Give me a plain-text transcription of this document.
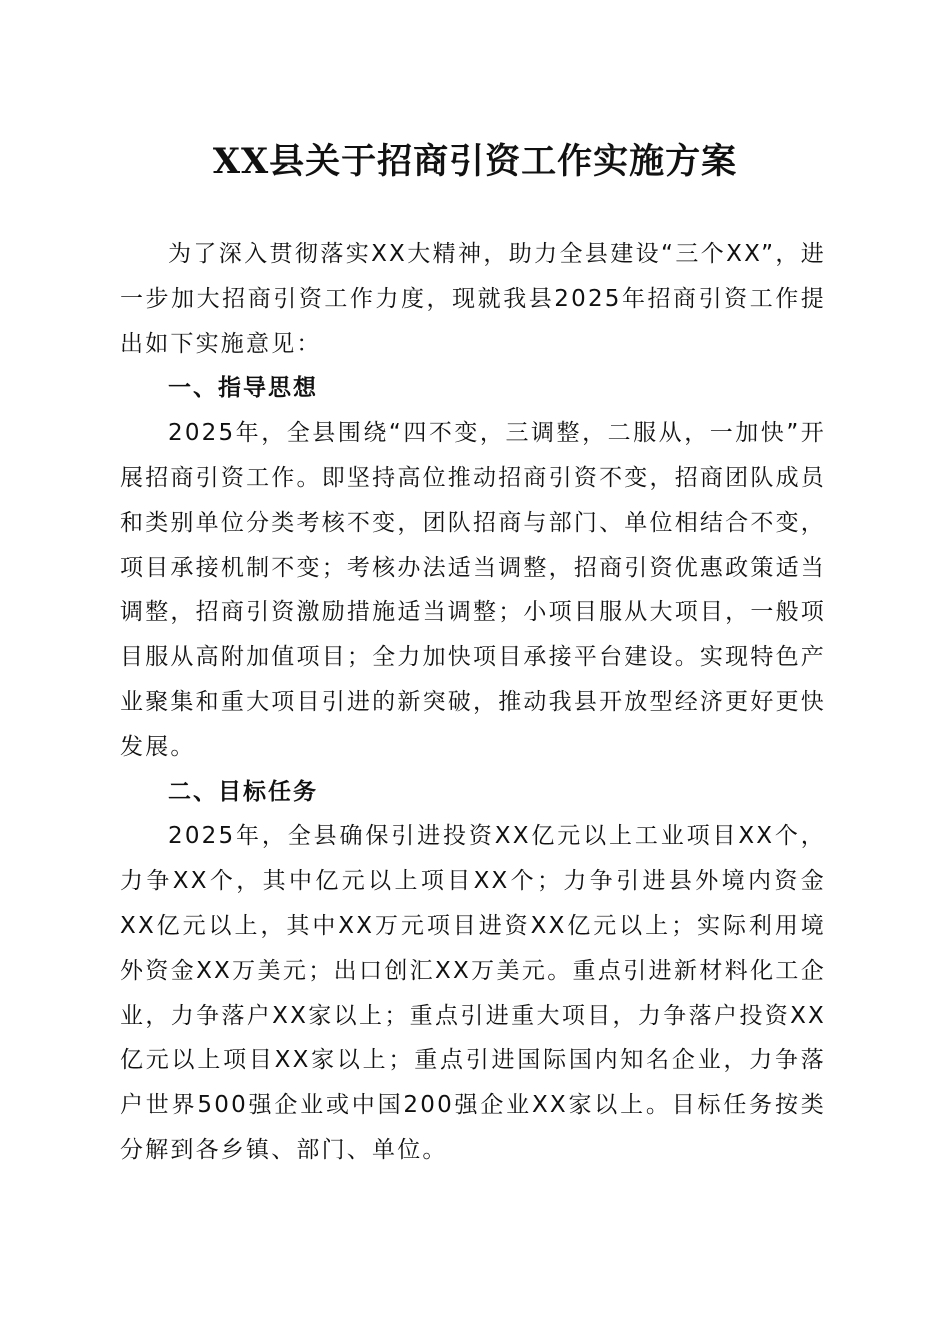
XX县关于招商引资工作实施方案

为了深入贯彻落实XX大精神，助力全县建设“三个XX”，进一步加大招商引资工作力度，现就我县2025年招商引资工作提出如下实施意见：

一、指导思想

2025年，全县围绕“四不变，三调整，二服从，一加快”开展招商引资工作。即坚持高位推动招商引资不变，招商团队成员和类别单位分类考核不变，团队招商与部门、单位相结合不变，项目承接机制不变；考核办法适当调整，招商引资优惠政策适当调整，招商引资激励措施适当调整；小项目服从大项目，一般项目服从高附加值项目；全力加快项目承接平台建设。实现特色产业聚集和重大项目引进的新突破，推动我县开放型经济更好更快发展。

二、目标任务

2025年，全县确保引进投资XX亿元以上工业项目XX个，力争XX个，其中亿元以上项目XX个；力争引进县外境内资金XX亿元以上，其中XX万元项目进资XX亿元以上；实际利用境外资金XX万美元；出口创汇XX万美元。重点引进新材料化工企业，力争落户XX家以上；重点引进重大项目，力争落户投资XX亿元以上项目XX家以上；重点引进国际国内知名企业，力争落户世界500强企业或中国200强企业XX家以上。目标任务按类分解到各乡镇、部门、单位。
